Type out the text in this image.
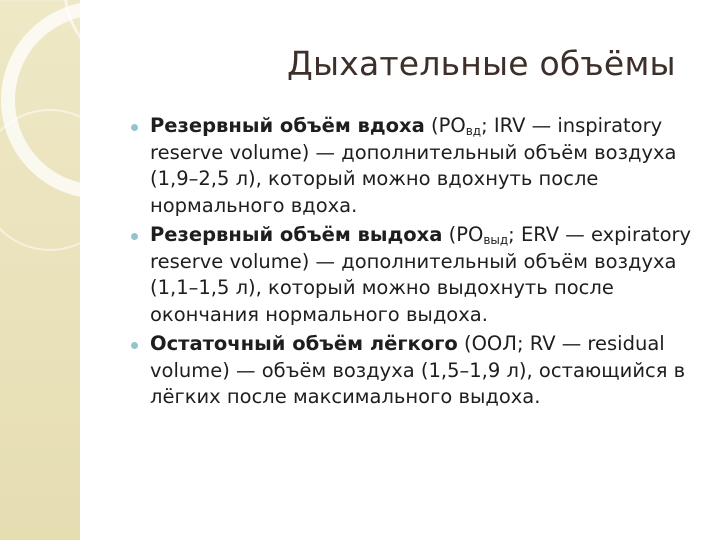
Дыхательные объёмы
Резервный объём вдоха ($РО_{вд}$; IRV — inspiratory reserve volume) — дополнительный объём воздуха (1,9–2,5 л), который можно вдохнуть после нормального вдоха.
Резервный объём выдоха ($РО_{выд}$; ERV — expiratory reserve volume) — дополнительный объём воздуха (1,1–1,5 л), который можно выдохнуть после окончания нормального выдоха.
Остаточный объём лёгкого (ООЛ; RV — residual volume) — объём воздуха (1,5–1,9 л), остающийся в лёгких после максимального выдоха.
